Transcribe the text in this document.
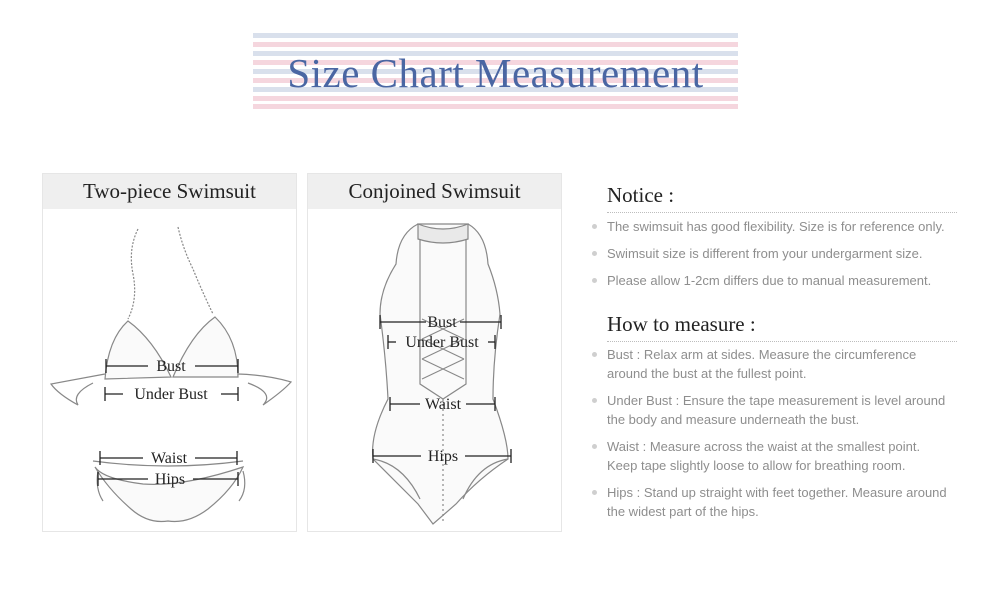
Size Chart Measurement
Two-piece Swimsuit
Bust
Under Bust
Waist
Hips
Conjoined Swimsuit
Bust
Under Bust
Waist
Hips
Notice :
The swimsuit has good flexibility. Size is for reference only.
Swimsuit size is different from your undergarment size.
Please allow 1-2cm differs due to manual measurement.
How to measure :
Bust : Relax arm at sides. Measure the circumference
around the bust at the fullest point.
Under Bust : Ensure the tape measurement is level around
the body and measure underneath the bust.
Waist : Measure across the waist at the smallest point.
Keep tape slightly loose to allow for breathing room.
Hips : Stand up straight with feet together. Measure around
the widest part of the hips.
